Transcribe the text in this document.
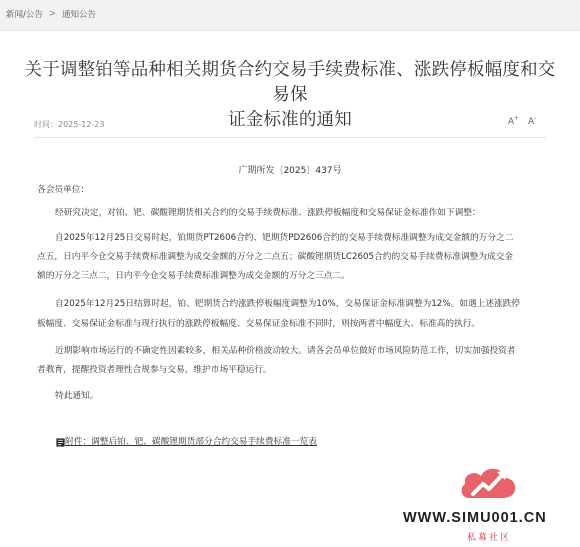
新闻/公告 > 通知公告
关于调整铂等品种相关期货合约交易手续费标准、涨跌停板幅度和交易保
证金标准的通知
时间：2025-12-23	A+ A-
广期所发〔2025〕437号
各会员单位：
经研究决定，对铂、钯、碳酸锂期货相关合约的交易手续费标准、涨跌停板幅度和交易保证金标准作如下调整：
自2025年12月25日交易时起，铂期货PT2606合约、钯期货PD2606合约的交易手续费标准调整为成交金额的万分之二
点五，日内平今仓交易手续费标准调整为成交金额的万分之二点五；碳酸锂期货LC2605合约的交易手续费标准调整为成交金
额的万分之三点二，日内平今仓交易手续费标准调整为成交金额的万分之三点二。
自2025年12月25日结算时起，铂、钯期货合约涨跌停板幅度调整为10%，交易保证金标准调整为12%。如遇上述涨跌停
板幅度、交易保证金标准与现行执行的涨跌停板幅度、交易保证金标准不同时，则按两者中幅度大、标准高的执行。
近期影响市场运行的不确定性因素较多，相关品种价格波动较大。请各会员单位做好市场风险防范工作，切实加强投资者
者教育，提醒投资者理性合规参与交易，维护市场平稳运行。
特此通知。
附件：调整后铂、钯、碳酸锂期货部分合约交易手续费标准一览表
WWW.SIMU001.CN
私募社区
